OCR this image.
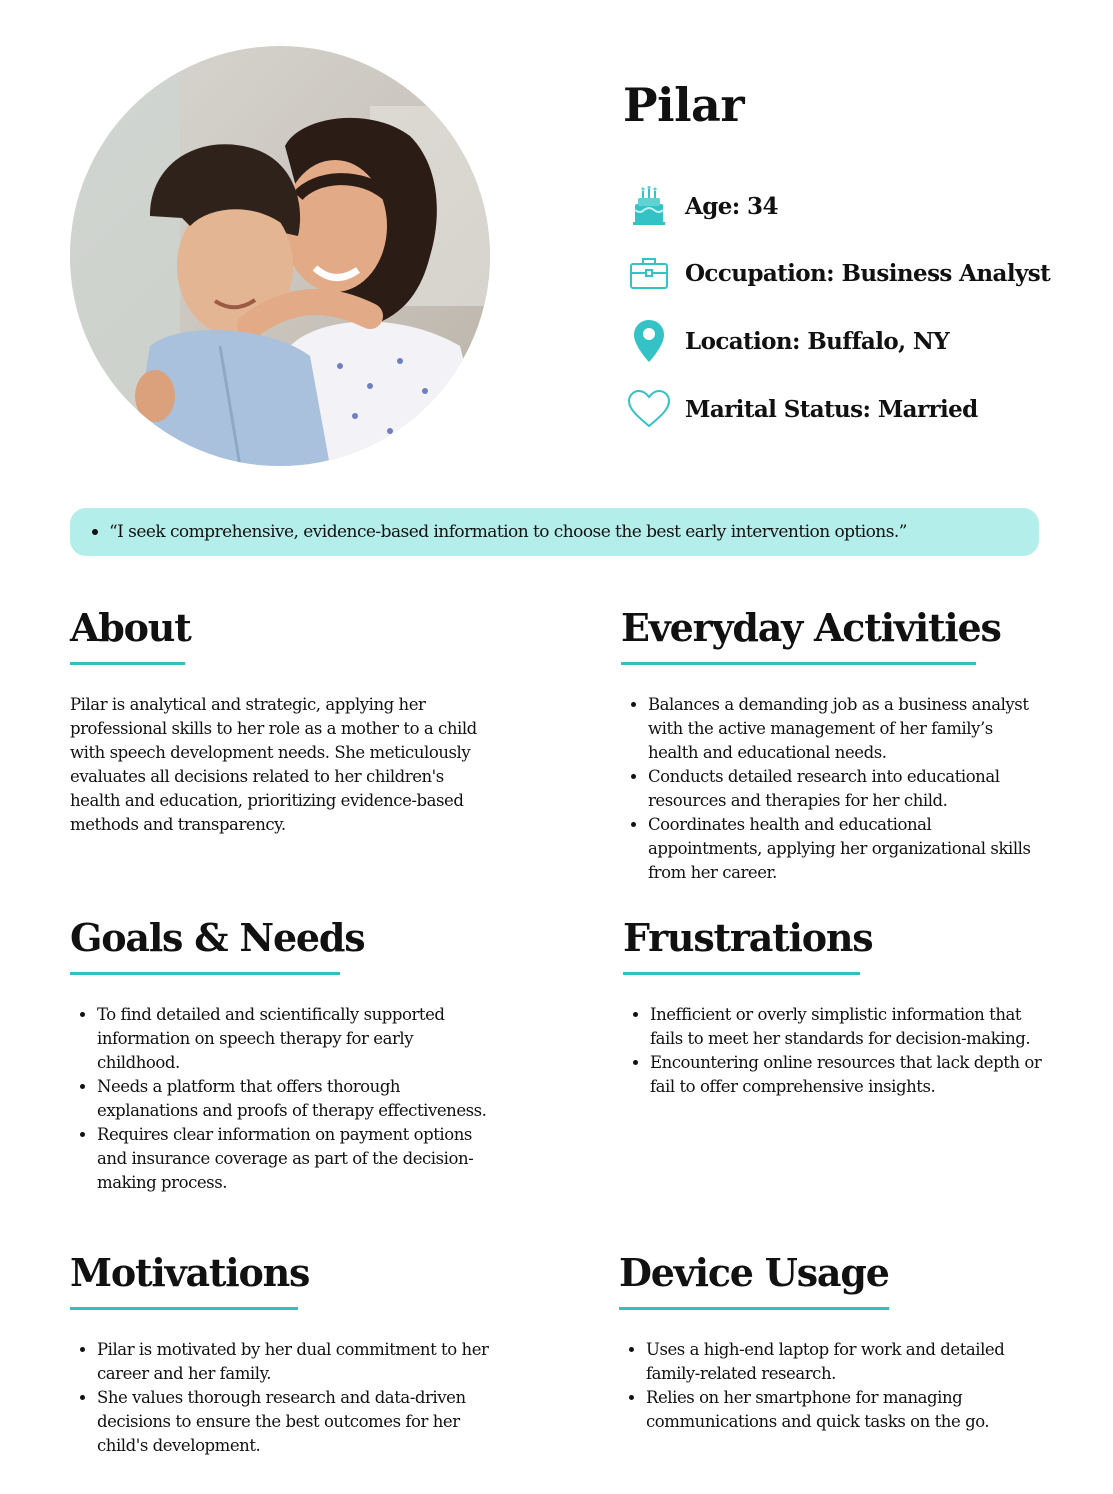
Pilar
Age: 34
Occupation: Business Analyst
Location: Buffalo, NY
Marital Status: Married
“I seek comprehensive, evidence-based information to choose the best early intervention options.”
About

Pilar is analytical and strategic, applying her professional skills to her role as a mother to a child with speech development needs. She meticulously evaluates all decisions related to her children's health and education, prioritizing evidence-based methods and transparency.

Everyday Activities
• Balances a demanding job as a business analyst with the active management of her family’s health and educational needs.
• Conducts detailed research into educational resources and therapies for her child.
• Coordinates health and educational appointments, applying her organizational skills from her career.
Goals & Needs
• To find detailed and scientifically supported information on speech therapy for early childhood.
• Needs a platform that offers thorough explanations and proofs of therapy effectiveness.
• Requires clear information on payment options and insurance coverage as part of the decision-making process.
Frustrations
• Inefficient or overly simplistic information that fails to meet her standards for decision-making.
• Encountering online resources that lack depth or fail to offer comprehensive insights.
Motivations
• Pilar is motivated by her dual commitment to her career and her family.
• She values thorough research and data-driven decisions to ensure the best outcomes for her child's development.
Device Usage
• Uses a high-end laptop for work and detailed family-related research.
• Relies on her smartphone for managing communications and quick tasks on the go.
